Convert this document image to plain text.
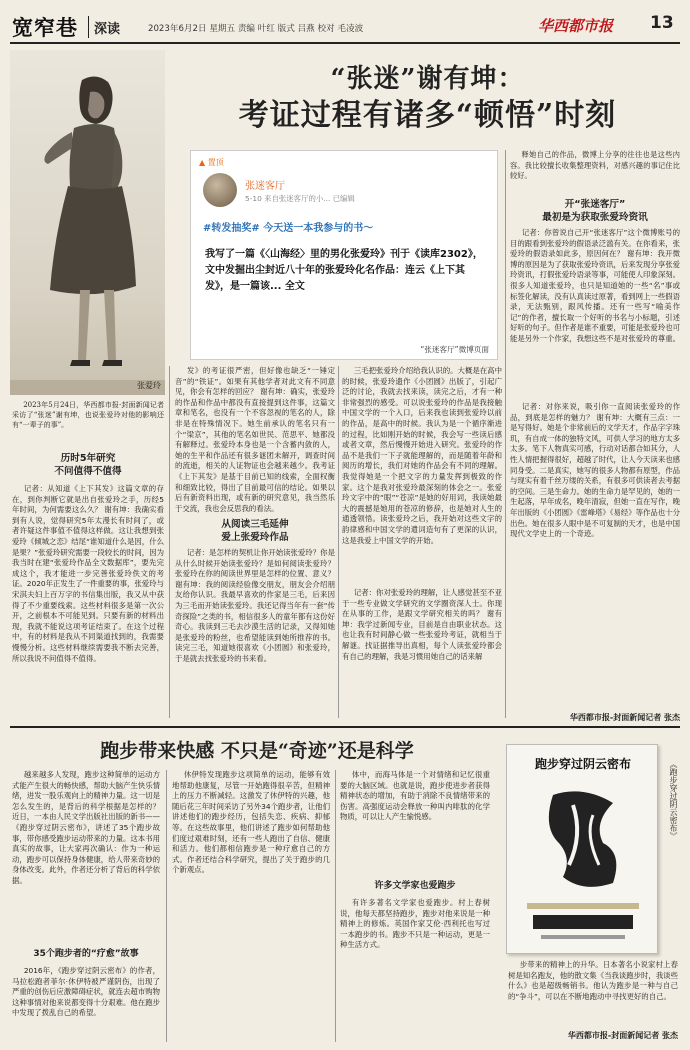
宽窄巷 深读	2023年6月2日 星期五 责编 叶红 版式 吕燕 校对 毛凌波	华西都市报 13
张爱玲
2023年5月24日，华西都市报·封面新闻记者采访了“张迷”谢有坤，也说张爱玲对他的影响还有“一辈子的事”。
“张迷”谢有坤：
考证过程有诸多“顿悟”时刻
▲ 置顶
张迷客厅
5-10 来自张迷客厅的小... 已编辑
#转发抽奖# 今天送一本我参与的书～
我写了一篇《〈山海经〉里的男化张爱玲》刊于《读库2302》，文中发掘出尘封近八十年的张爱玲化名作品：连云《上下其发》，是一篇该... 全文
“张迷客厅”微博页面
释她自己的作品，微博上分享的往往也是这些内容。我比较擅长收集整理资料，对感兴趣的事记住比较好。
开“张迷客厅”
最初是为获取张爱玲资讯
记者：你曾说自己开“张迷客厅”这个微博账号的目的跟看到张爱玲的假语录泛滥有关。在你看来，张爱玲的假语录如此多，原因何在？ 谢有坤：我开微博的原因是为了获取张爱玲资讯，后来发现分享张爱玲资讯，打假张爱玲语录等事，可能使人印象深刻。很多人知道张爱玲，也只是知道她的一些“名”事或标签化解读，没有认真读过原著，看到网上一些假语录，无法甄别，跟风传播。还有一些写“喻美作记”的作者，擅长取一个好听的书名与小标题，引述好听的句子。但作者是谁不重要，可能是张爱玲也可能是另外一个作家，我想这些不是对张爱玲的尊重。
记者：对你来说，吸引你一直阅读张爱玲的作品，到底是怎样的魅力？ 谢有坤：大概有三点：一是写得好。她是个非常前后的文学天才，作品字字珠玑，有自成一体的独特文风，可供人学习的地方太多太多。笔下人物真实可感，行动对话都合如其分，人性人情把握得很好，超越了时代，让人今天读来也感同身受。二是真实，她写的很多人物都有原型，作品与现实有着千丝万缕的关系，有很多可供读者去考据的空间。三是生命力。她的生命力是罕见的，她的一生起落，早年成名，晚年清寂，但她一直在写作，晚年出版的《小团圆》《雷峰塔》《易经》等作品也十分出色。她在很多人眼中是不可复制的天才，也是中国现代文学史上的一个奇迹。
华西都市报-封面新闻记者 张杰
历时5年研究
不问值得不值得
记者：从知道《上下其发》这篇文章的存在，到你判断它就是出自张爱玲之手，历经5年时间，为何需要这么久？ 谢有坤：我确实看到有人说，觉得研究5年太漫长有时间了，或者许疑这件事值不值得这样做。这让我想到张爱玲《倾城之恋》结尾“谁知道什么是因，什么是果？”张爱玲研究需要一段较长的时间，因为我当时在建“张爱玲作品全文数据库”，要先完成这个，我才能进一步完善张爱玲佚文的考证。2020年正发生了一件重要的事，张爱玲与宋淇夫妇上百万字的书信集出版，我又从中获得了不少重要线索。这些材料很多是第一次公开，之前根本不可能见到。只要有新的材料出现，我就不能说这项考证结束了。在这个过程中，有的材料是我从不同渠道找到的，我需要慢慢分析。这些材料继续需要我不断去完善，所以我说不问值得不值得。
发》的考证很严密，但好像也缺乏“一锤定音”的“铁证”。如果有其他学者对此文有不同意见，你会有怎样的回应？ 谢有坤：确实，张爱玲的作品和作品中都没有直接提到这件事，这篇文章和笔名，也没有一个不容忽视的笔名的人，除非是在特殊情况下。她生前承认的笔名只有一个“梁京”，其他的笔名如世民、范思平、她都没有解释过。张爱玲本身也是一个含蓄内敛的人，她的生平和作品还有很多谜团未解开，调查时间的流逝，相关的人证物证也会越来越少。我考证《上下其发》是基于目前已知的线索，全面权衡和细致比较，得出了目前最可信的结论。如果以后有新资料出现，或有新的研究意见，我当然乐于交流，我也会反思我的看法。
从阅读三毛延伸
爱上张爱玲作品
记者：是怎样的契机让你开始读张爱玲？你是从什么时候开始读张爱玲？是如何阅读张爱玲？张爱玲在你的阅读世界里是怎样的位置、意义？ 谢有坤：我的阅读经验像交朋友，朋友会介绍朋友给你认识。我最早喜欢的作家是三毛，后来因为三毛而开始读张爱玲。我还记得当年有一套“传奇探险”之类的书，相信很多人的童年都有这份好奇心。我读到三毛去沙漠生活的记录，又得知她是张爱玲的粉丝，也希望能读到她所推荐的书。读完三毛，知道她很喜欢《小团圆》和张爱玲，于是就去找张爱玲的书来看。
三毛把张爱玲介绍给我认识的。大概是在高中的时候，张爱玲遗作《小团圆》出版了，引起广泛的讨论，我就去找来读，读完之后，才有一种非常强烈的感受。可以说张爱玲的作品是我接触中国文学的一个入口，后来我也读到张爱玲以前的作品，是高中的时候。我认为是一个循序渐进的过程，比如刚开始的时候，我会写一些读后感或者文章，然后慢慢开始进入研究。张爱玲的作品不是我们一下子就能理解的，而是随着年龄和阅历的增长，我们对她的作品会有不同的理解。我觉得她是一个把文字的力量发挥到极致的作家。这个是我对张爱玲最深刻的体会之一。张爱玲文字中的“眼”“苍凉”是她的好用词，我读她最大的震撼是她用的苍凉的修辞，也是她对人生的通透领悟。读张爱玲之后，我开始对这些文字的韵律感和中国文学的遣词造句有了更深的认识，这是我爱上中国文学的开始。
记者：你对张爱玲的理解，让人感觉甚至不亚于一些专业做文学研究的文学圈资深人士。你现在从事的工作，是跟文学研究相关的吗？ 谢有坤：我学过新闻专业，目前是自由职业状态。这也让我有时间静心做一些张爱玲考证，就相当于解谜。找证据推导出真相，每个人读张爱玲都会有自己的理解，我是习惯用她自己的话来解
跑步带来快感 不只是“奇迹”还是科学
越来越多人发现，跑步这种简单的运动方式能产生很大的畅快感，帮助大脑产生快乐情绪，进发一股乐观向上的精神力量。这一切是怎么发生的，是背后的科学根据是怎样的？ 近日，一本由人民文学出版社出版的新书——《跑步穿过阴云密布》，讲述了35个跑步故事，带你感受跑步运动带来的力量。这本书用真实的故事，让大家再次确认：作为一种运动，跑步可以保持身体健康，给人带来奇妙的身体改变。此外，作者还分析了背后的科学依据。
35个跑步者的“疗愈”故事
2016年，《跑步穿过阴云密布》的作者，马拉松跑者菲尔·休伊特被严谨阴伤，出现了严重的创伤后应激障碍症状，就连去超市购物这种事情对他来说都变得十分艰难。他在跑步中发现了拨乱自己的希望。
休伊特发现跑步这项简单的运动，能够有效地帮助他康复，尽管一开始跑得很辛苦，但精神上的压力不断减轻。这激发了休伊特的兴趣，他随后花三年时间采访了另外34个跑步者，让他们讲述他们的跑步经历，包括失恋、疾病、抑郁等。在这些故事里，他们讲述了跑步如何帮助他们度过艰难时刻，还有一些人跑出了自信、健康和活力。他们都相信跑步是一种疗愈自己的方式。作者还结合科学研究，提出了关于跑步的几个新观点。
体中，而海马体是一个对情绪和记忆很重要的大脑区域。也就是说，跑步使进步者获得精神状态的增加，有助于消除不良情绪带来的伤害。高强度运动会释放一种叫内啡肽的化学物质，可以让人产生愉悦感。
许多文学家也爱跑步
有许多著名文学家也爱跑步。村上春树说，他每天都坚持跑步，跑步对他来说是一种精神上的修炼。英国作家艾伦·西利托也写过一本跑步的书。跑步不只是一种运动，更是一种生活方式。
跑步穿过阴云密布	《跑步穿过阴云密布》
步带来的精神上的升华。日本著名小说家村上春树是知名跑友，他的散文集《当我谈跑步时，我谈些什么》也是超级畅销书。他认为跑步是一种与自己的“争斗”，可以在不断地跑动中寻找更好的自己。
华西都市报-封面新闻记者 张杰
